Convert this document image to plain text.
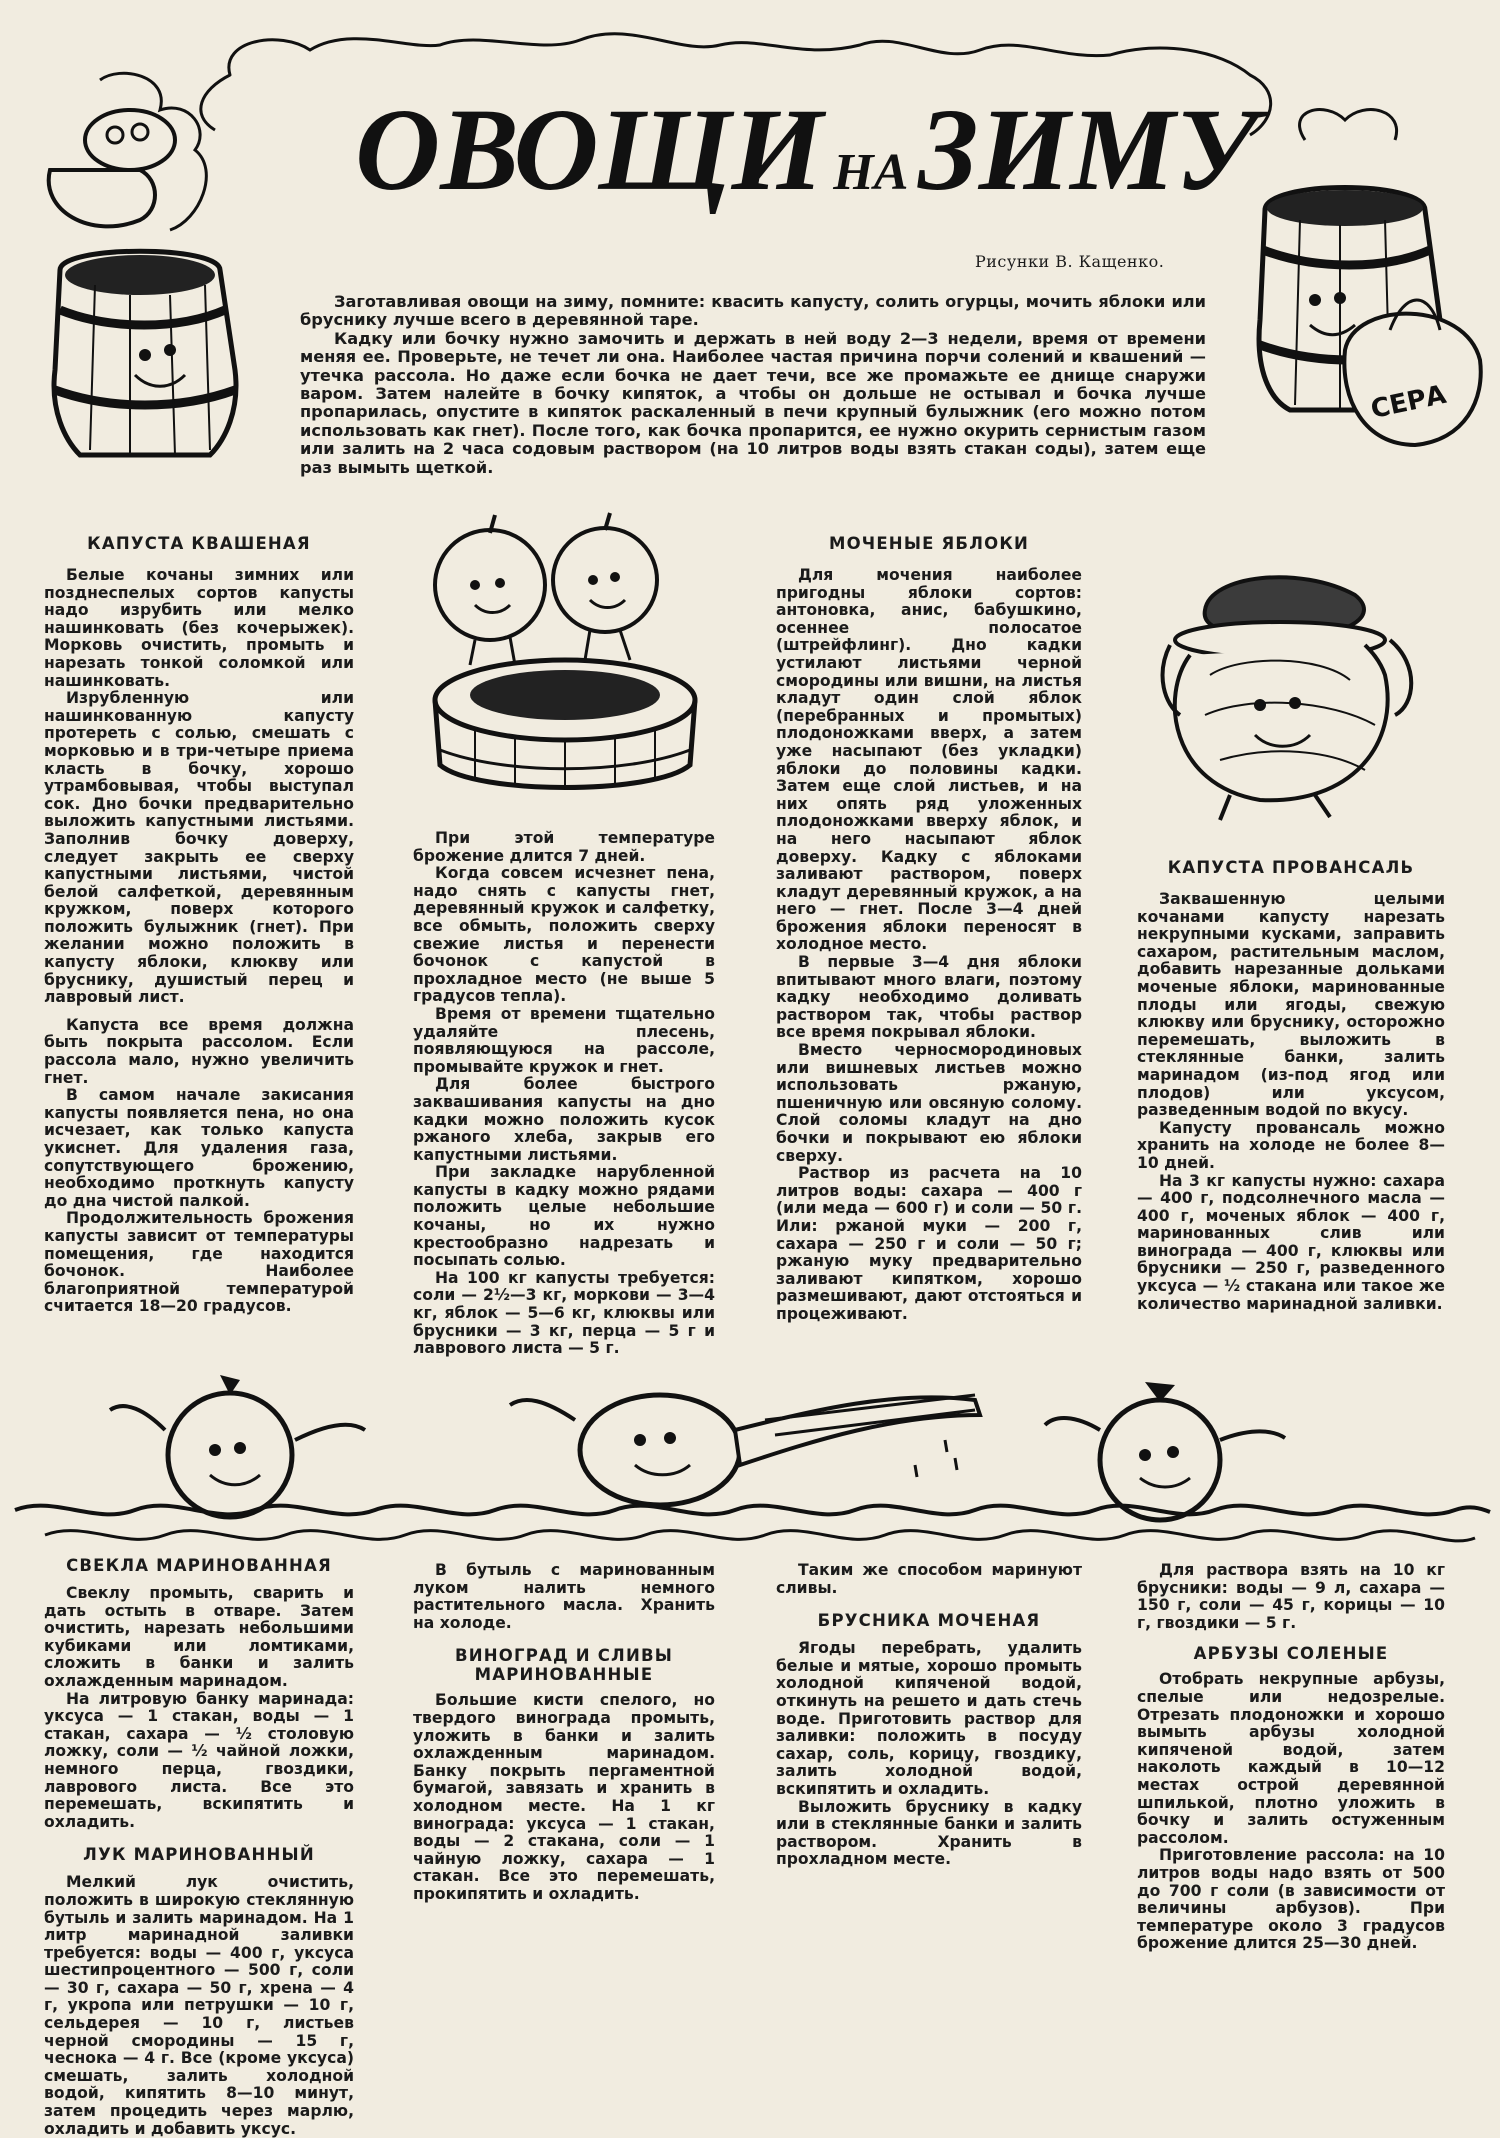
ОВОЩИ НАЗИМУ
Рисунки В. Кащенко.
СЕРА

Заготавливая овощи на зиму, помните: квасить капусту, солить огурцы, мочить яблоки или бруснику лучше всего в деревянной таре.

Кадку или бочку нужно замочить и держать в ней воду 2—3 недели, время от времени меняя ее. Проверьте, не течет ли она. Наиболее частая причина порчи солений и квашений — утечка рассола. Но даже если бочка не дает течи, все же промажьте ее днище снаружи варом. Затем налейте в бочку кипяток, а чтобы он дольше не остывал и бочка лучше пропарилась, опустите в кипяток раскаленный в печи крупный булыжник (его можно потом использовать как гнет). После того, как бочка пропарится, ее нужно окурить сернистым газом или залить на 2 часа содовым раствором (на 10 литров воды взять стакан соды), затем еще раз вымыть щеткой.

КАПУСТА КВАШЕНАЯ

Белые кочаны зимних или позднеспелых сортов капусты надо изрубить или мелко нашинковать (без кочерыжек). Морковь очистить, промыть и нарезать тонкой соломкой или нашинковать.

Изрубленную или нашинкованную капусту протереть с солью, смешать с морковью и в три-четыре приема класть в бочку, хорошо утрамбовывая, чтобы выступал сок. Дно бочки предварительно выложить капустными листьями. Заполнив бочку доверху, следует закрыть ее сверху капустными листьями, чистой белой салфеткой, деревянным кружком, поверх которого положить булыжник (гнет). При желании можно положить в капусту яблоки, клюкву или бруснику, душистый перец и лавровый лист.

Капуста все время должна быть покрыта рассолом. Если рассола мало, нужно увеличить гнет.

В самом начале закисания капусты появляется пена, но она исчезает, как только капуста укиснет. Для удаления газа, сопутствующего брожению, необходимо проткнуть капусту до дна чистой палкой.

Продолжительность брожения капусты зависит от температуры помещения, где находится бочонок. Наиболее благоприятной температурой считается 18—20 градусов.

При этой температуре брожение длится 7 дней.

Когда совсем исчезнет пена, надо снять с капусты гнет, деревянный кружок и салфетку, все обмыть, положить сверху свежие листья и перенести бочонок с капустой в прохладное место (не выше 5 градусов тепла).

Время от времени тщательно удаляйте плесень, появляющуюся на рассоле, промывайте кружок и гнет.

Для более быстрого заквашивания капусты на дно кадки можно положить кусок ржаного хлеба, закрыв его капустными листьями.

При закладке нарубленной капусты в кадку можно рядами положить целые небольшие кочаны, но их нужно крестообразно надрезать и посыпать солью.

На 100 кг капусты требуется: соли — 2½—3 кг, моркови — 3—4 кг, яблок — 5—6 кг, клюквы или брусники — 3 кг, перца — 5 г и лаврового листа — 5 г.

МОЧЕНЫЕ ЯБЛОКИ

Для мочения наиболее пригодны яблоки сортов: антоновка, анис, бабушкино, осеннее полосатое (штрейфлинг). Дно кадки устилают листьями черной смородины или вишни, на листья кладут один слой яблок (перебранных и промытых) плодоножками вверх, а затем уже насыпают (без укладки) яблоки до половины кадки. Затем еще слой листьев, и на них опять ряд уложенных плодоножками вверху яблок, и на него насыпают яблок доверху. Кадку с яблоками заливают раствором, поверх кладут деревянный кружок, а на него — гнет. После 3—4 дней брожения яблоки переносят в холодное место.

В первые 3—4 дня яблоки впитывают много влаги, поэтому кадку необходимо доливать раствором так, чтобы раствор все время покрывал яблоки.

Вместо черносмородиновых или вишневых листьев можно использовать ржаную, пшеничную или овсяную солому. Слой соломы кладут на дно бочки и покрывают ею яблоки сверху.

Раствор из расчета на 10 литров воды: сахара — 400 г (или меда — 600 г) и соли — 50 г. Или: ржаной муки — 200 г, сахара — 250 г и соли — 50 г; ржаную муку предварительно заливают кипятком, хорошо размешивают, дают отстояться и процеживают.

КАПУСТА ПРОВАНСАЛЬ

Заквашенную целыми кочанами капусту нарезать некрупными кусками, заправить сахаром, растительным маслом, добавить нарезанные дольками моченые яблоки, маринованные плоды или ягоды, свежую клюкву или бруснику, осторожно перемешать, выложить в стеклянные банки, залить маринадом (из-под ягод или плодов) или уксусом, разведенным водой по вкусу.

Капусту провансаль можно хранить на холоде не более 8—10 дней.

На 3 кг капусты нужно: сахара — 400 г, подсолнечного масла — 400 г, моченых яблок — 400 г, маринованных слив или винограда — 400 г, клюквы или брусники — 250 г, разведенного уксуса — ½ стакана или такое же количество маринадной заливки.

СВЕКЛА МАРИНОВАННАЯ

Свеклу промыть, сварить и дать остыть в отваре. Затем очистить, нарезать небольшими кубиками или ломтиками, сложить в банки и залить охлажденным маринадом.

На литровую банку маринада: уксуса — 1 стакан, воды — 1 стакан, сахара — ½ столовую ложку, соли — ½ чайной ложки, немного перца, гвоздики, лаврового листа. Все это перемешать, вскипятить и охладить.

ЛУК МАРИНОВАННЫЙ

Мелкий лук очистить, положить в широкую стеклянную бутыль и залить маринадом. На 1 литр маринадной заливки требуется: воды — 400 г, уксуса шестипроцентного — 500 г, соли — 30 г, сахара — 50 г, хрена — 4 г, укропа или петрушки — 10 г, сельдерея — 10 г, листьев черной смородины — 15 г, чеснока — 4 г. Все (кроме уксуса) смешать, залить холодной водой, кипятить 8—10 минут, затем процедить через марлю, охладить и добавить уксус.

В бутыль с маринованным луком налить немного растительного масла. Хранить на холоде.

ВИНОГРАД И СЛИВЫ МАРИНОВАННЫЕ

Большие кисти спелого, но твердого винограда промыть, уложить в банки и залить охлажденным маринадом. Банку покрыть пергаментной бумагой, завязать и хранить в холодном месте. На 1 кг винограда: уксуса — 1 стакан, воды — 2 стакана, соли — 1 чайную ложку, сахара — 1 стакан. Все это перемешать, прокипятить и охладить.

Таким же способом маринуют сливы.

БРУСНИКА МОЧЕНАЯ

Ягоды перебрать, удалить белые и мятые, хорошо промыть холодной кипяченой водой, откинуть на решето и дать стечь воде. Приготовить раствор для заливки: положить в посуду сахар, соль, корицу, гвоздику, залить холодной водой, вскипятить и охладить.

Выложить бруснику в кадку или в стеклянные банки и залить раствором. Хранить в прохладном месте.

Для раствора взять на 10 кг брусники: воды — 9 л, сахара — 150 г, соли — 45 г, корицы — 10 г, гвоздики — 5 г.

АРБУЗЫ СОЛЕНЫЕ

Отобрать некрупные арбузы, спелые или недозрелые. Отрезать плодоножки и хорошо вымыть арбузы холодной кипяченой водой, затем наколоть каждый в 10—12 местах острой деревянной шпилькой, плотно уложить в бочку и залить остуженным рассолом.

Приготовление рассола: на 10 литров воды надо взять от 500 до 700 г соли (в зависимости от величины арбузов). При температуре около 3 градусов брожение длится 25—30 дней.
